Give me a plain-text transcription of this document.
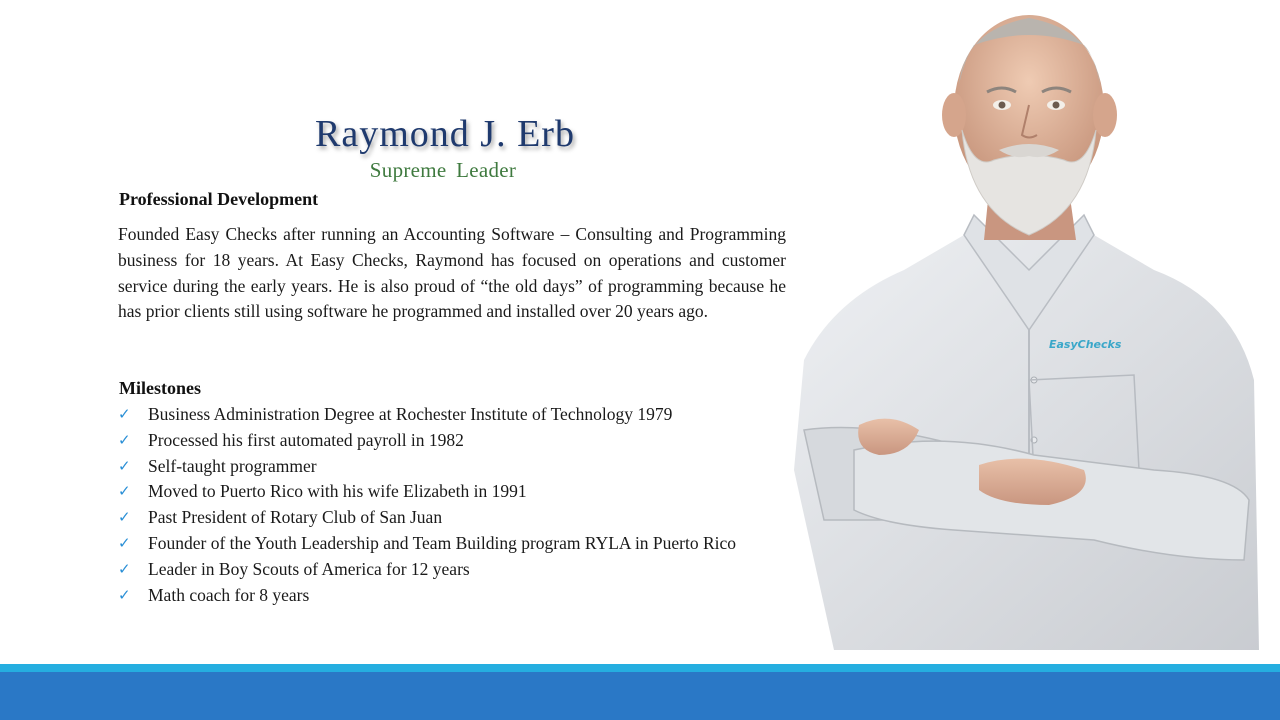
Raymond J. Erb
Supreme Leader
Professional Development
Founded Easy Checks after running an Accounting Software – Consulting and Programming business for 18 years. At Easy Checks, Raymond has focused on operations and customer service during the early years. He is also proud of “the old days” of programming because he has prior clients still using software he programmed and installed over 20 years ago.
Milestones
✓ Business Administration Degree at Rochester Institute of Technology 1979
✓ Processed his first automated payroll in 1982
✓ Self-taught programmer
✓ Moved to Puerto Rico with his wife Elizabeth in 1991
✓ Past President of Rotary Club of San Juan
✓ Founder of the Youth Leadership and Team Building program RYLA in Puerto Rico
✓ Leader in Boy Scouts of America for 12 years
✓ Math coach for 8 years
EasyChecks
